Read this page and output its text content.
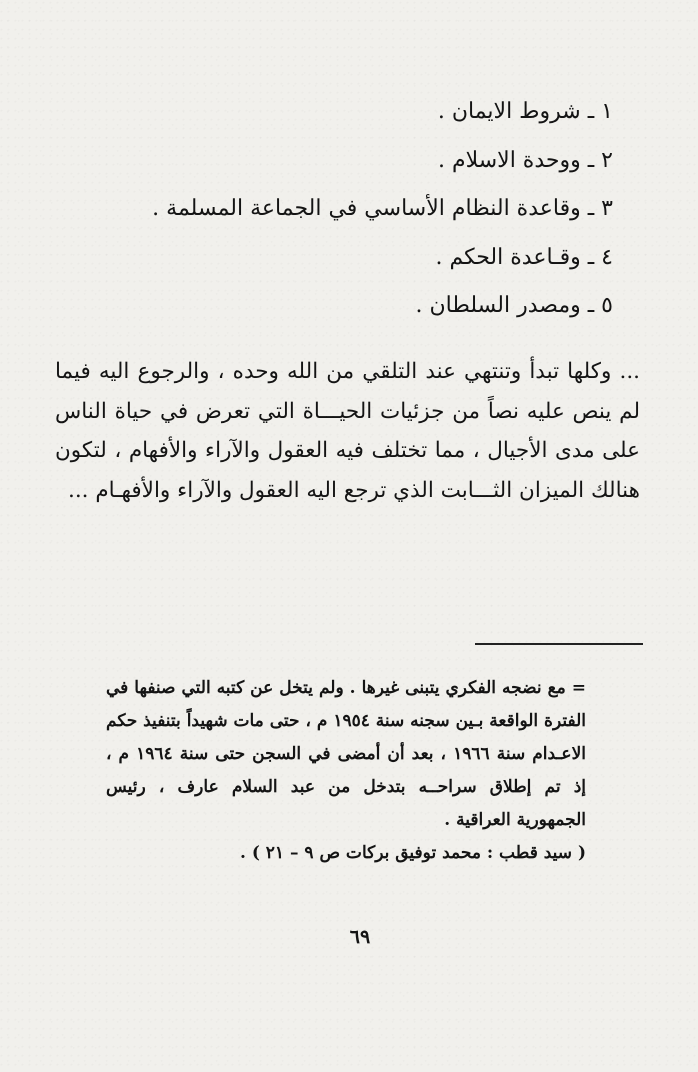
١ ـ شروط الايمان .
٢ ـ ووحدة الاسلام .
٣ ـ وقاعدة النظام الأساسي في الجماعة المسلمة .
٤ ـ وقـاعدة الحكم .
٥ ـ ومصدر السلطان .

... وكلها تبدأ وتنتهي عند التلقي من الله وحده ، والرجوع اليه فيما لم ينص عليه نصاً من جزئيات الحيـــاة التي تعرض في حياة الناس على مدى الأجيال ، مما تختلف فيه العقول والآراء والأفهام ، لتكون هنالك الميزان الثـــابت الذي ترجع اليه العقول والآراء والأفهـام ...

= مع نضجه الفكري يتبنى غيرها . ولم يتخل عن كتبه التي صنفها في الفترة الواقعة بـين سجنه سنة ١٩٥٤ م ، حتى مات شهيداً بتنفيذ حكم الاعـدام سنة ١٩٦٦ ، بعد أن أمضى في السجن حتى سنة ١٩٦٤ م ، إذ تم إطلاق سراحــه بتدخل من عبد السلام عارف ، رئيس الجمهورية العراقية .

( سيد قطب : محمد توفيق بركات ص ٩ – ٢١ ) .

٦٩
